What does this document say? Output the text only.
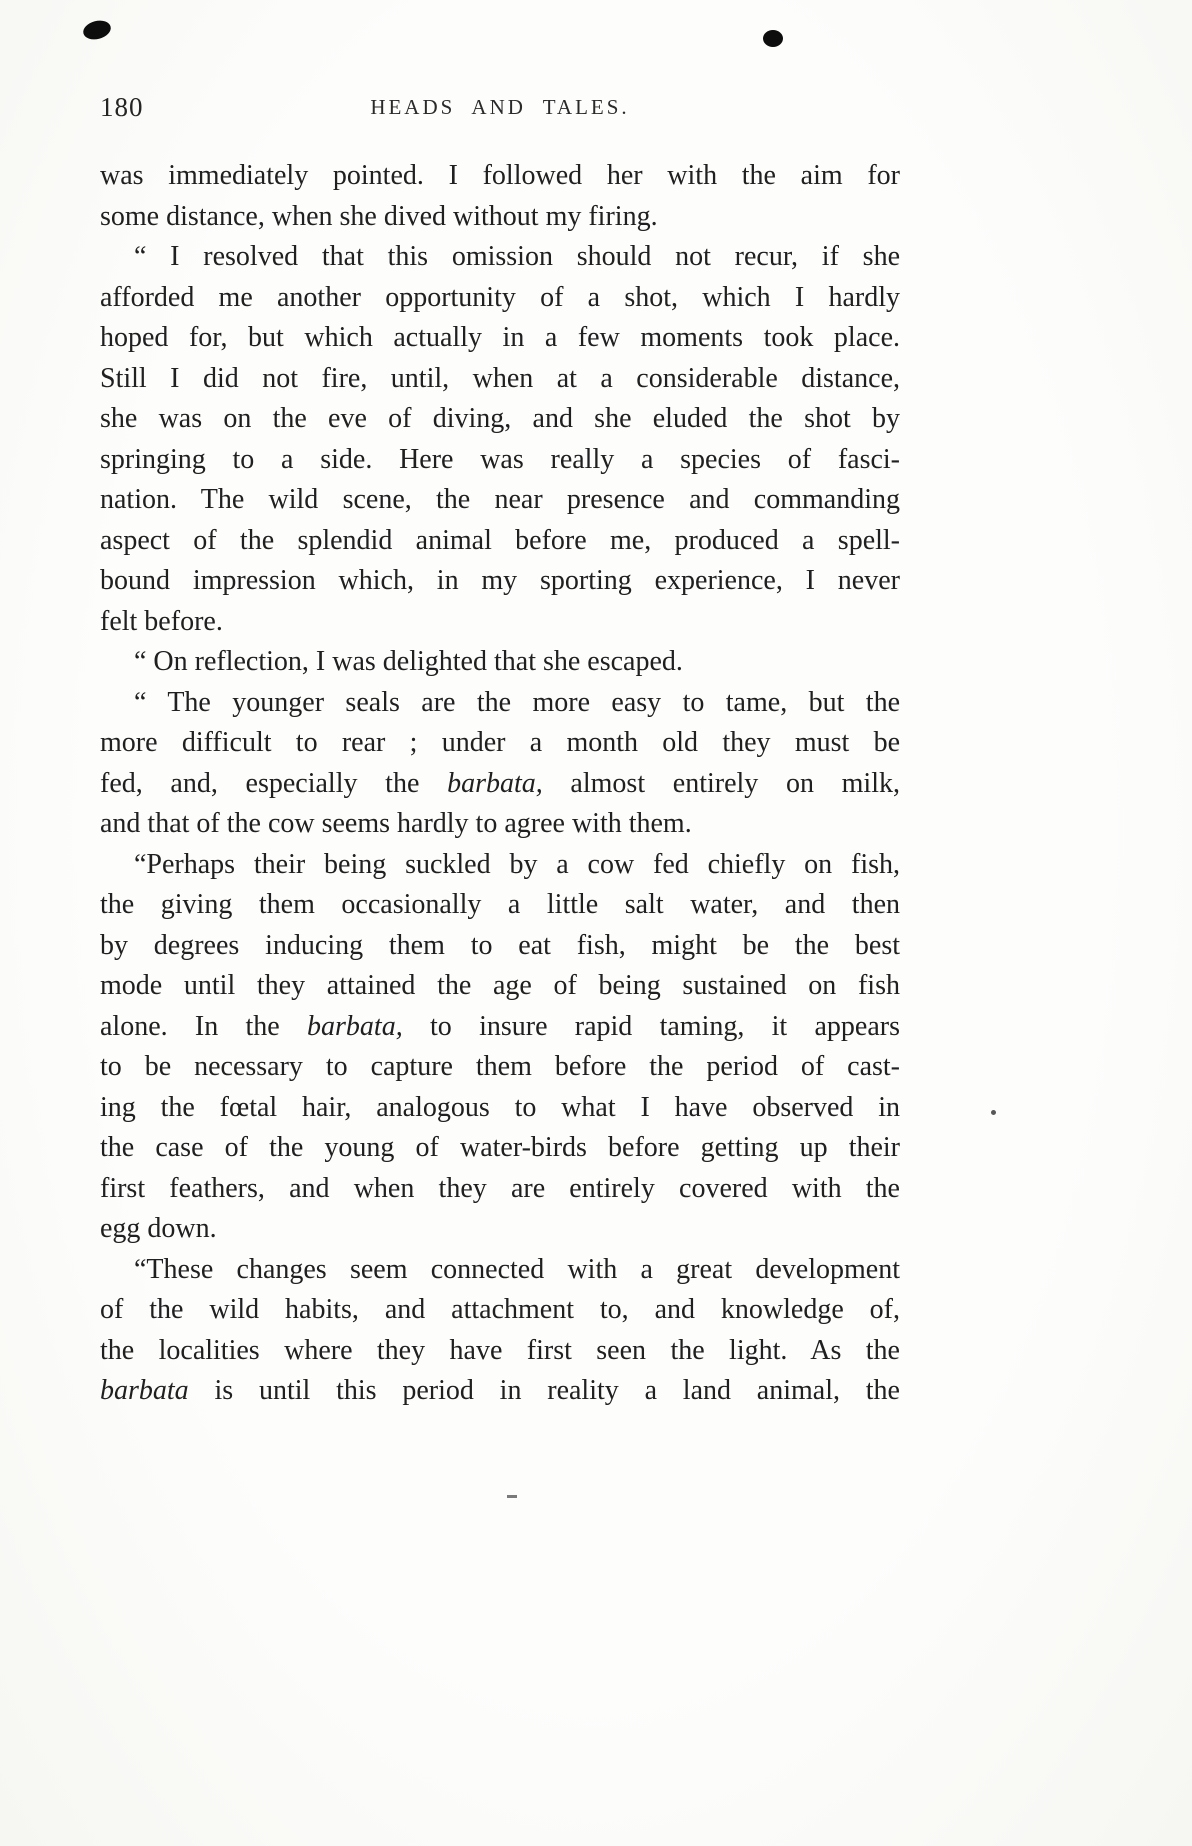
180	HEADS AND TALES.
was immediately pointed. I followed her with the aim for
some distance, when she dived without my firing.
“ I resolved that this omission should not recur, if she
afforded me another opportunity of a shot, which I hardly
hoped for, but which actually in a few moments took place.
Still I did not fire, until, when at a considerable distance,
she was on the eve of diving, and she eluded the shot by
springing to a side. Here was really a species of fasci-
nation. The wild scene, the near presence and commanding
aspect of the splendid animal before me, produced a spell-
bound impression which, in my sporting experience, I never
felt before.
“ On reflection, I was delighted that she escaped.
“ The younger seals are the more easy to tame, but the
more difficult to rear ; under a month old they must be
fed, and, especially the barbata, almost entirely on milk,
and that of the cow seems hardly to agree with them.
“Perhaps their being suckled by a cow fed chiefly on fish,
the giving them occasionally a little salt water, and then
by degrees inducing them to eat fish, might be the best
mode until they attained the age of being sustained on fish
alone. In the barbata, to insure rapid taming, it appears
to be necessary to capture them before the period of cast-
ing the fœtal hair, analogous to what I have observed in
the case of the young of water-birds before getting up their
first feathers, and when they are entirely covered with the
egg down.
“These changes seem connected with a great development
of the wild habits, and attachment to, and knowledge of,
the localities where they have first seen the light. As the
barbata is until this period in reality a land animal, the
